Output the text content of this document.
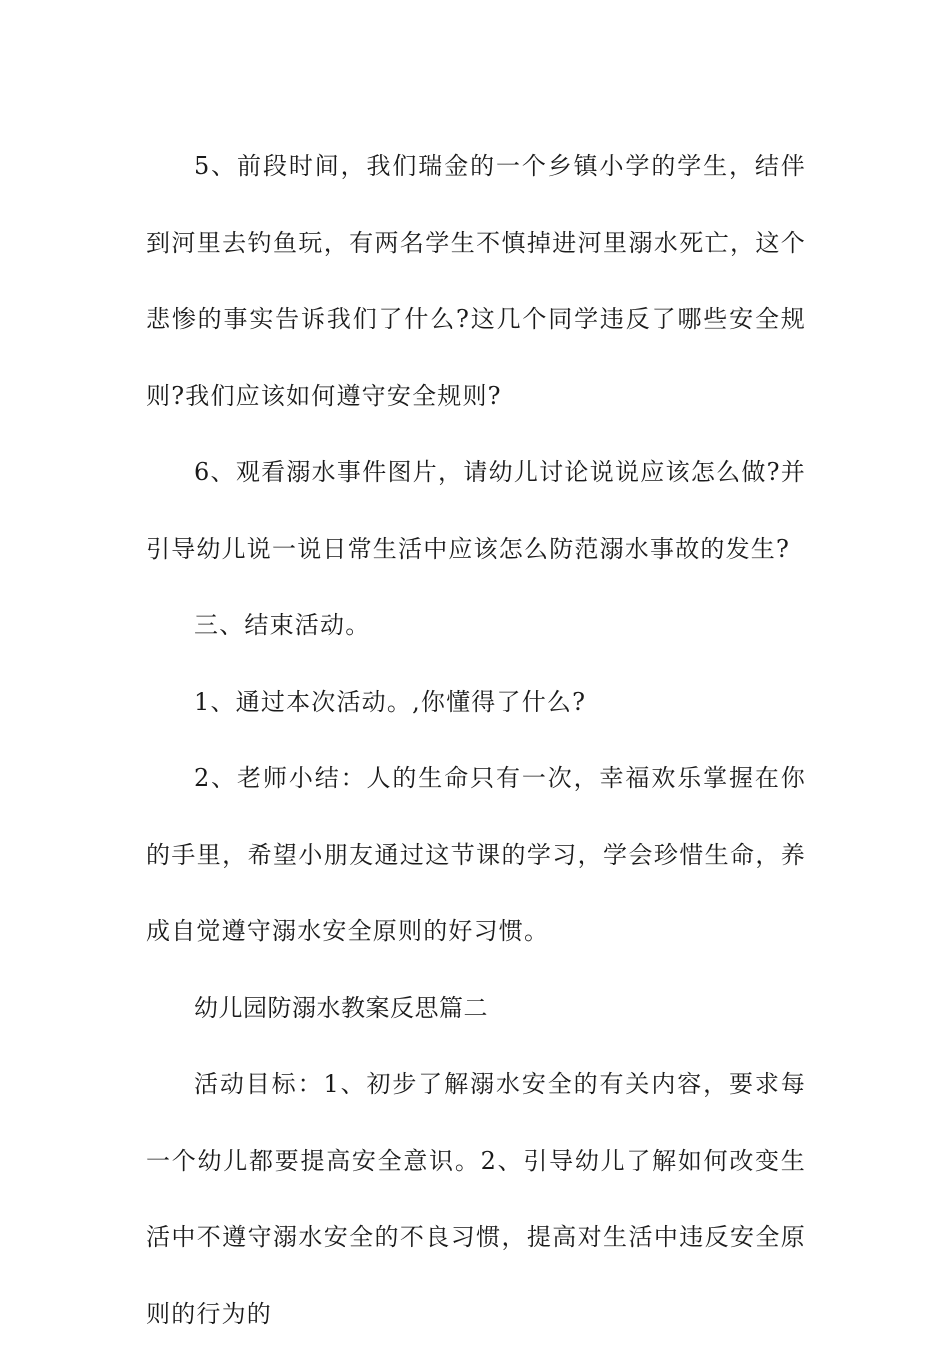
5、前段时间，我们瑞金的一个乡镇小学的学生，结伴到河里去钓鱼玩，有两名学生不慎掉进河里溺水死亡，这个悲惨的事实告诉我们了什么?这几个同学违反了哪些安全规则?我们应该如何遵守安全规则?

6、观看溺水事件图片，请幼儿讨论说说应该怎么做?并引导幼儿说一说日常生活中应该怎么防范溺水事故的发生?

三、结束活动。

1、通过本次活动。,你懂得了什么?

2、老师小结：人的生命只有一次，幸福欢乐掌握在你的手里，希望小朋友通过这节课的学习，学会珍惜生命，养成自觉遵守溺水安全原则的好习惯。

幼儿园防溺水教案反思篇二

活动目标：1、初步了解溺水安全的有关内容，要求每一个幼儿都要提高安全意识。2、引导幼儿了解如何改变生活中不遵守溺水安全的不良习惯，提高对生活中违反安全原则的行为的
